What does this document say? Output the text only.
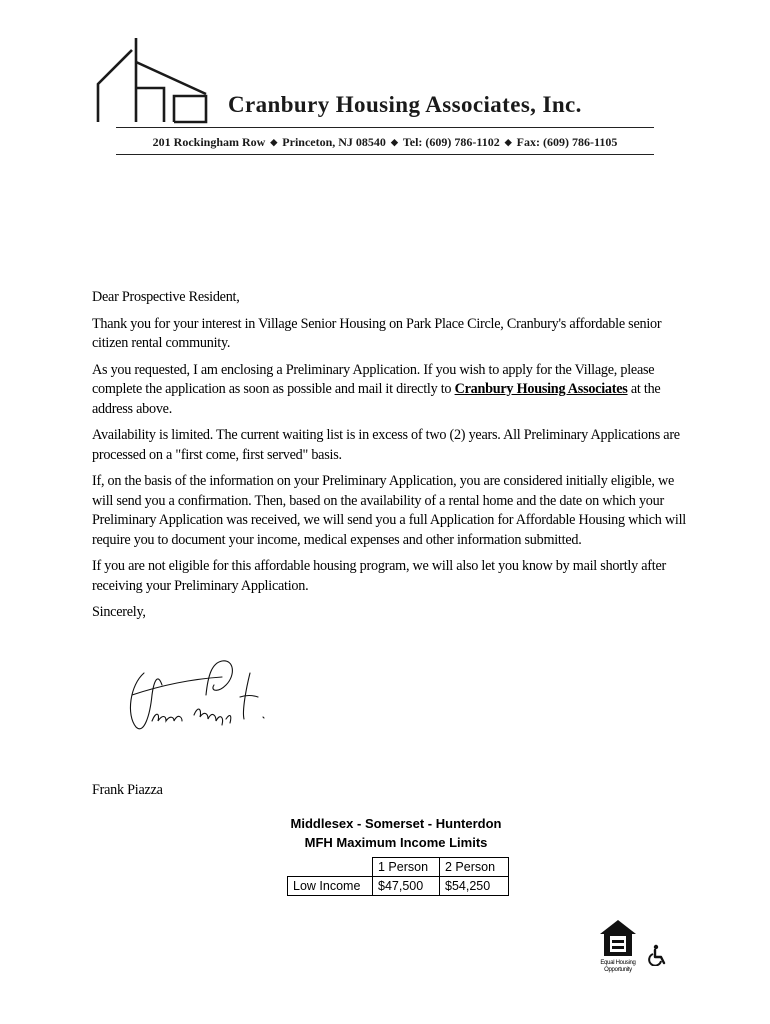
Cranbury Housing Associates, Inc.
201 Rockingham Row ◆ Princeton, NJ 08540 ◆ Tel: (609) 786-1102 ◆ Fax: (609) 786-1105

Dear Prospective Resident,

Thank you for your interest in Village Senior Housing on Park Place Circle, Cranbury's affordable senior citizen rental community.

As you requested, I am enclosing a Preliminary Application. If you wish to apply for the Village, please complete the application as soon as possible and mail it directly to Cranbury Housing Associates at the address above.

Availability is limited. The current waiting list is in excess of two (2) years. All Preliminary Applications are processed on a "first come, first served" basis.

If, on the basis of the information on your Preliminary Application, you are considered initially eligible, we will send you a confirmation. Then, based on the availability of a rental home and the date on which your Preliminary Application was received, we will send you a full Application for Affordable Housing which will require you to document your income, medical expenses and other information submitted.

If you are not eligible for this affordable housing program, we will also let you know by mail shortly after receiving your Preliminary Application.

Sincerely,

Frank Piazza
Middlesex - Somerset - Hunterdon
MFH Maximum Income Limits
	1 Person	2 Person
Low Income	$47,500	$54,250
Equal Housing
Opportunity
